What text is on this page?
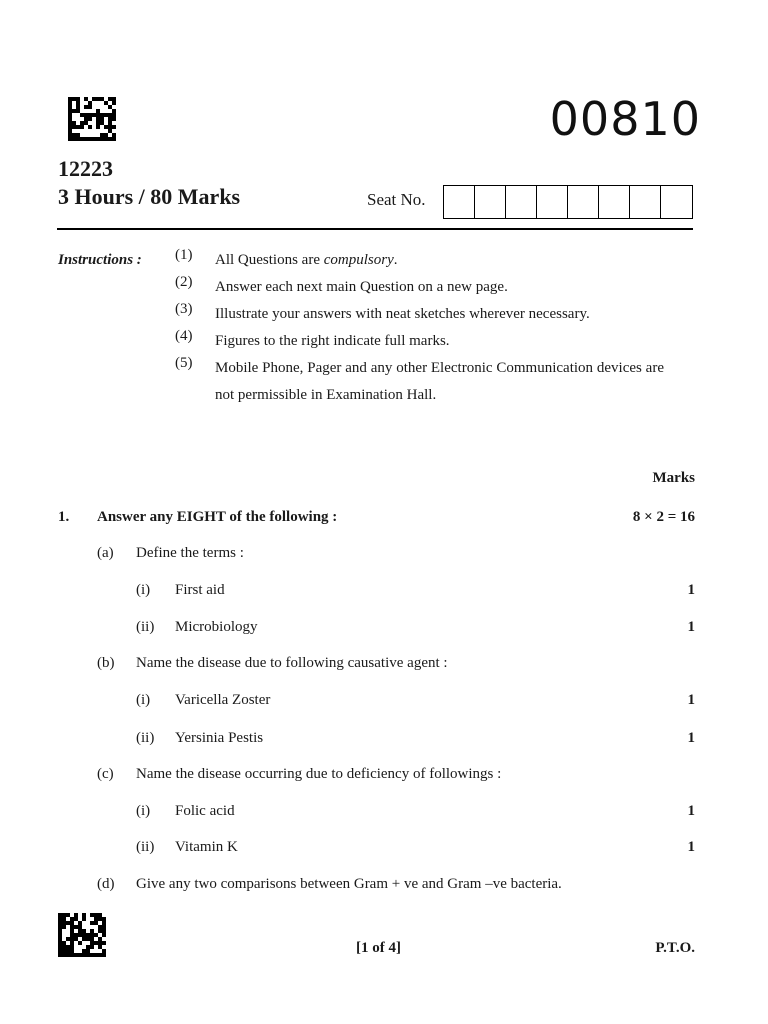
00810
12223
3 Hours / 80 Marks	Seat No.
Instructions : (1)	All Questions are compulsory.
(2)	Answer each next main Question on a new page.
(3)	Illustrate your answers with neat sketches wherever necessary.
(4)	Figures to the right indicate full marks.
(5)	Mobile Phone, Pager and any other Electronic Communication devices are not permissible in Examination Hall.
Marks
1. Answer any EIGHT of the following :	8 × 2 = 16
(a) Define the terms :
(i) First aid	1
(ii) Microbiology	1
(b) Name the disease due to following causative agent :
(i) Varicella Zoster	1
(ii) Yersinia Pestis	1
(c) Name the disease occurring due to deficiency of followings :
(i) Folic acid	1
(ii) Vitamin K	1
(d) Give any two comparisons between Gram + ve and Gram –ve bacteria.
[1 of 4]	P.T.O.
